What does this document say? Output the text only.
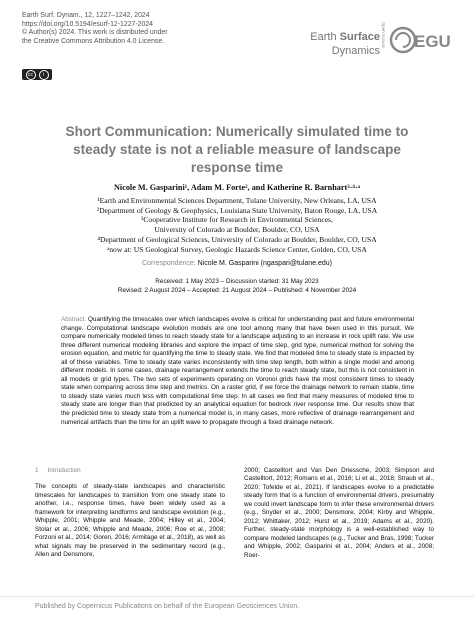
Earth Surf. Dynam., 12, 1227–1242, 2024
https://doi.org/10.5194/esurf-12-1227-2024
© Author(s) 2024. This work is distributed under
the Creative Commons Attribution 4.0 License.
cc	i
Earth Surface
Dynamics
Open Access EGU
Short Communication: Numerically simulated time to steady state is not a reliable measure of landscape response time
Nicole M. Gasparini¹, Adam M. Forte², and Katherine R. Barnhart³·⁴·ᵃ
¹Earth and Environmental Sciences Department, Tulane University, New Orleans, LA, USA
²Department of Geology & Geophysics, Louisiana State University, Baton Rouge, LA, USA
³Cooperative Institute for Research in Environmental Sciences,
University of Colorado at Boulder, Boulder, CO, USA
⁴Department of Geological Sciences, University of Colorado at Boulder, Boulder, CO, USA
ᵃnow at: US Geological Survey, Geologic Hazards Science Center, Golden, CO, USA
Correspondence: Nicole M. Gasparini (ngaspari@tulane.edu)
Received: 1 May 2023 – Discussion started: 31 May 2023
Revised: 2 August 2024 – Accepted: 21 August 2024 – Published: 4 November 2024
Abstract. Quantifying the timescales over which landscapes evolve is critical for understanding past and future environmental change. Computational landscape evolution models are one tool among many that have been used in this pursuit. We compare numerically modeled times to reach steady state for a landscape adjusting to an increase in rock uplift rate. We use three different numerical modeling libraries and explore the impact of time step, grid type, numerical method for solving the erosion equation, and metric for quantifying the time to steady state. We find that modeled time to steady state is impacted by all of these variables. Time to steady state varies inconsistently with time step length, both within a single model and among different models. In some cases, drainage rearrangement extends the time to reach steady state, but this is not consistent in all models or grid types. The two sets of experiments operating on Voronoi grids have the most consistent times to steady state when comparing across time step and metrics. On a raster grid, if we force the drainage network to remain stable, time to steady state varies much less with computational time step. In all cases we find that many measures of modeled time to steady state are longer than that predicted by an analytical equation for bedrock river response time. Our results show that the predicted time to steady state from a numerical model is, in many cases, more reflective of drainage rearrangement and numerical artifacts than the time for an uplift wave to propagate through a fixed drainage network.
1 Introduction

The concepts of steady-state landscapes and characteristic timescales for landscapes to transition from one steady state to another, i.e., response times, have been widely used as a framework for interpreting landforms and landscape evolution (e.g., Whipple, 2001; Whipple and Meade, 2004; Hilley et al., 2004; Stolar et al., 2006; Whipple and Meade, 2006; Roe et al., 2008; Forzoni et al., 2014; Goren, 2016; Armitage et al., 2018), as well as what signals may be preserved in the sedimentary record (e.g., Allen and Densmore,

2000; Castelltort and Van Den Driessche, 2003; Simpson and Castelltort, 2012; Romans et al., 2016; Li et al., 2018; Straub et al., 2020; Tofelde et al., 2021). If landscapes evolve to a predictable steady form that is a function of environmental drivers, presumably we could invert landscape form to infer these environmental drivers (e.g., Snyder et al., 2000; Densmore, 2004; Kirby and Whipple, 2012; Whittaker, 2012; Hurst et al., 2019; Adams et al., 2020). Further, steady-state morphology is a well-established way to compare modeled landscapes (e.g., Tucker and Bras, 1998; Tucker and Whipple, 2002; Gasparini et al., 2004; Anders et al., 2008; Roer-

Published by Copernicus Publications on behalf of the European Geosciences Union.
